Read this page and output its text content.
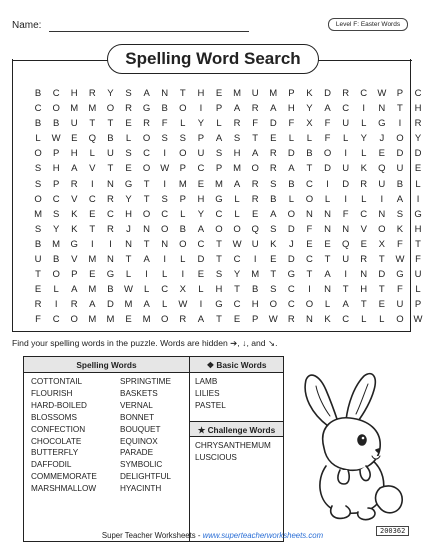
Name:	Level F: Easter Words
Spelling Word Search
B C H R Y S A N T H E M U M P K D R C W P C
C O M M O R G B O I P A R A H Y A C I N T H
B B U T T E R F L Y L R F D F X F U L G I R
L W E Q B L O S S P A S T E L L F L Y J O Y
O P H L U S C I O U S H A R D B O I L E D D
S H A V T E O W P C P M O R A T D U K Q U E
S P R I N G T I M E M A R S B C I D R U B L
O C V C R Y T S P H G L R B L O L I L I A I
M S K E C H O C L Y C L E A O N N F C N S G
S Y K T R J N O B A O O Q S D F N N V O K H
B M G I I N T N O C T W U K J E E Q E X F T
U B V M N T A I L D T C I E D C T U R T W F
T O P E G L I L I E S Y M T G T A I N D G U
E L A M B W L C X L H T B S C I N T H T F L
R I R A D M A L W I G C H O C O L A T E U P
F C O M M E M O R A T E P W R N K C L L O W
Find your spelling words in the puzzle. Words are hidden ➔, ↓, and ↘.
Spelling Words	❖ Basic Words
COTTONTAIL
FLOURISH
HARD-BOILED
BLOSSOMS
CONFECTION
CHOCOLATE
BUTTERFLY
DAFFODIL
COMMEMORATE
MARSHMALLOW
SPRINGTIME
BASKETS
VERNAL
BONNET
BOUQUET
EQUINOX
PARADE
SYMBOLIC
DELIGHTFUL
HYACINTH
LAMB
LILIES
PASTEL
★ Challenge Words
CHRYSANTHEMUM
LUSCIOUS
Super Teacher Worksheets - www.superteacherworksheets.com	200362
